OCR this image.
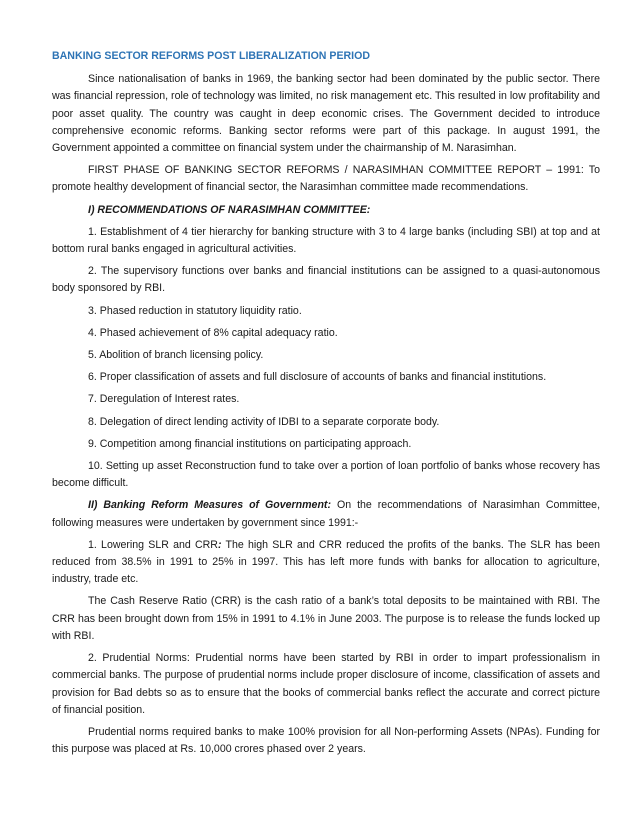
BANKING SECTOR REFORMS POST LIBERALIZATION PERIOD

Since nationalisation of banks in 1969, the banking sector had been dominated by the public sector. There was financial repression, role of technology was limited, no risk management etc. This resulted in low profitability and poor asset quality. The country was caught in deep economic crises. The Government decided to introduce comprehensive economic reforms. Banking sector reforms were part of this package. In august 1991, the Government appointed a committee on financial system under the chairmanship of M. Narasimhan.

FIRST PHASE OF BANKING SECTOR REFORMS / NARASIMHAN COMMITTEE REPORT – 1991: To promote healthy development of financial sector, the Narasimhan committee made recommendations.

I) RECOMMENDATIONS OF NARASIMHAN COMMITTEE:

1. Establishment of 4 tier hierarchy for banking structure with 3 to 4 large banks (including SBI) at top and at bottom rural banks engaged in agricultural activities.

2. The supervisory functions over banks and financial institutions can be assigned to a quasi-autonomous body sponsored by RBI.

3. Phased reduction in statutory liquidity ratio.

4. Phased achievement of 8% capital adequacy ratio.

5. Abolition of branch licensing policy.

6. Proper classification of assets and full disclosure of accounts of banks and financial institutions.

7. Deregulation of Interest rates.

8. Delegation of direct lending activity of IDBI to a separate corporate body.

9. Competition among financial institutions on participating approach.

10. Setting up asset Reconstruction fund to take over a portion of loan portfolio of banks whose recovery has become difficult.

II) Banking Reform Measures of Government: On the recommendations of Narasimhan Committee, following measures were undertaken by government since 1991:-

1. Lowering SLR and CRR: The high SLR and CRR reduced the profits of the banks. The SLR has been reduced from 38.5% in 1991 to 25% in 1997. This has left more funds with banks for allocation to agriculture, industry, trade etc.

The Cash Reserve Ratio (CRR) is the cash ratio of a bank’s total deposits to be maintained with RBI. The CRR has been brought down from 15% in 1991 to 4.1% in June 2003. The purpose is to release the funds locked up with RBI.

2. Prudential Norms: Prudential norms have been started by RBI in order to impart professionalism in commercial banks. The purpose of prudential norms include proper disclosure of income, classification of assets and provision for Bad debts so as to ensure that the books of commercial banks reflect the accurate and correct picture of financial position.

Prudential norms required banks to make 100% provision for all Non-performing Assets (NPAs). Funding for this purpose was placed at Rs. 10,000 crores phased over 2 years.
